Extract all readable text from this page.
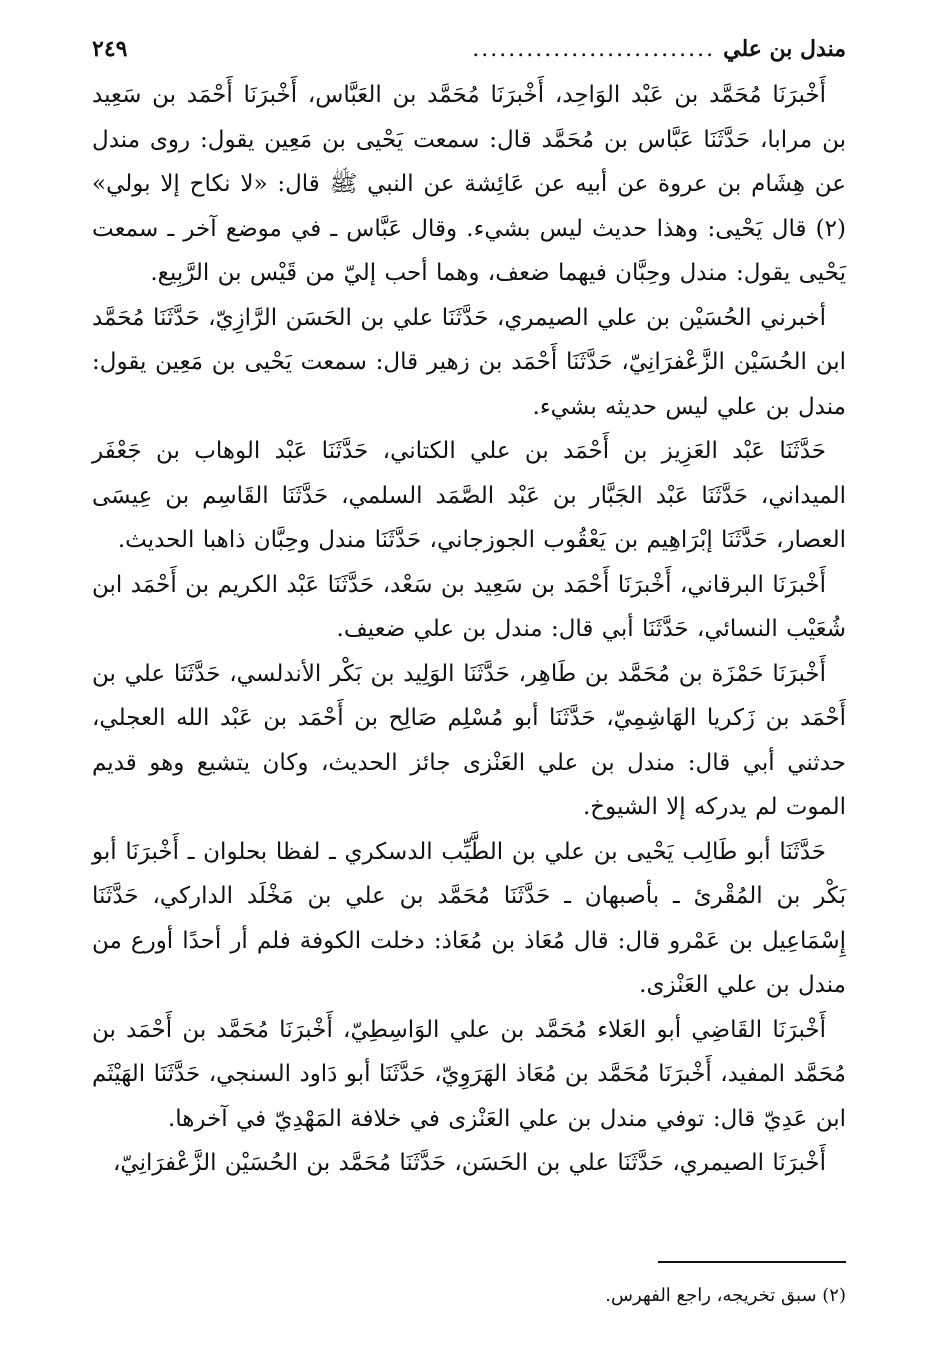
مندل بن علي
...........................
٢٤٩

أَخْبرَنَا مُحَمَّد بن عَبْد الوَاحِد، أَخْبرَنَا مُحَمَّد بن العَبَّاس، أَخْبرَنَا أَحْمَد بن سَعِيد بن مرابا، حَدَّثَنَا عَبَّاس بن مُحَمَّد قال: سمعت يَحْيى بن مَعِين يقول: روى مندل عن هِشَام بن عروة عن أبيه عن عَائِشة عن النبي ﷺ قال: «لا نكاح إلا بولي» (٢) قال يَحْيى: وهذا حديث ليس بشيء. وقال عَبَّاس ـ في موضع آخر ـ سمعت يَحْيى يقول: مندل وحِبَّان فيهما ضعف، وهما أحب إليّ من قَيْس بن الرَّبِيع.

أخبرني الحُسَيْن بن علي الصيمري، حَدَّثَنَا علي بن الحَسَن الرَّازِيّ، حَدَّثَنَا مُحَمَّد ابن الحُسَيْن الزَّعْفرَانِيّ، حَدَّثَنَا أَحْمَد بن زهير قال: سمعت يَحْيى بن مَعِين يقول: مندل بن علي ليس حديثه بشيء.

حَدَّثَنَا عَبْد العَزِيز بن أَحْمَد بن علي الكتاني، حَدَّثَنَا عَبْد الوهاب بن جَعْفَر الميداني، حَدَّثَنَا عَبْد الجَبَّار بن عَبْد الصَّمَد السلمي، حَدَّثَنَا القَاسِم بن عِيسَى العصار، حَدَّثَنَا إبْرَاهِيم بن يَعْقُوب الجوزجاني، حَدَّثَنَا مندل وحِبَّان ذاهبا الحديث.

أَخْبرَنَا البرقاني، أَخْبرَنَا أَحْمَد بن سَعِيد بن سَعْد، حَدَّثَنَا عَبْد الكريم بن أَحْمَد ابن شُعَيْب النسائي، حَدَّثَنَا أبي قال: مندل بن علي ضعيف.

أَخْبرَنَا حَمْزَة بن مُحَمَّد بن طَاهِر، حَدَّثَنَا الوَلِيد بن بَكْر الأندلسي، حَدَّثَنَا علي بن أَحْمَد بن زَكريا الهَاشِمِيّ، حَدَّثَنَا أبو مُسْلِم صَالِح بن أَحْمَد بن عَبْد الله العجلي، حدثني أبي قال: مندل بن علي العَنْزى جائز الحديث، وكان يتشيع وهو قديم الموت لم يدركه إلا الشيوخ.

حَدَّثَنَا أبو طَالِب يَحْيى بن علي بن الطَّيِّب الدسكري ـ لفظا بحلوان ـ أَخْبرَنَا أبو بَكْر بن المُقْرئ ـ بأصبهان ـ حَدَّثَنَا مُحَمَّد بن علي بن مَخْلَد الداركي، حَدَّثَنَا إِسْمَاعِيل بن عَمْرو قال: قال مُعَاذ بن مُعَاذ: دخلت الكوفة فلم أر أحدًا أورع من مندل بن علي العَنْزى.

أَخْبرَنَا القَاضِي أبو العَلاء مُحَمَّد بن علي الوَاسِطِيّ، أَخْبرَنَا مُحَمَّد بن أَحْمَد بن مُحَمَّد المفيد، أَخْبرَنَا مُحَمَّد بن مُعَاذ الهَرَوِيّ، حَدَّثَنَا أبو دَاود السنجي، حَدَّثَنَا الهَيْثَم ابن عَدِيّ قال: توفي مندل بن علي العَنْزى في خلافة المَهْدِيّ في آخرها.

أَخْبرَنَا الصيمري، حَدَّثَنَا علي بن الحَسَن، حَدَّثَنَا مُحَمَّد بن الحُسَيْن الزَّعْفرَانِيّ،

(٢) سبق تخريجه، راجع الفهرس.
